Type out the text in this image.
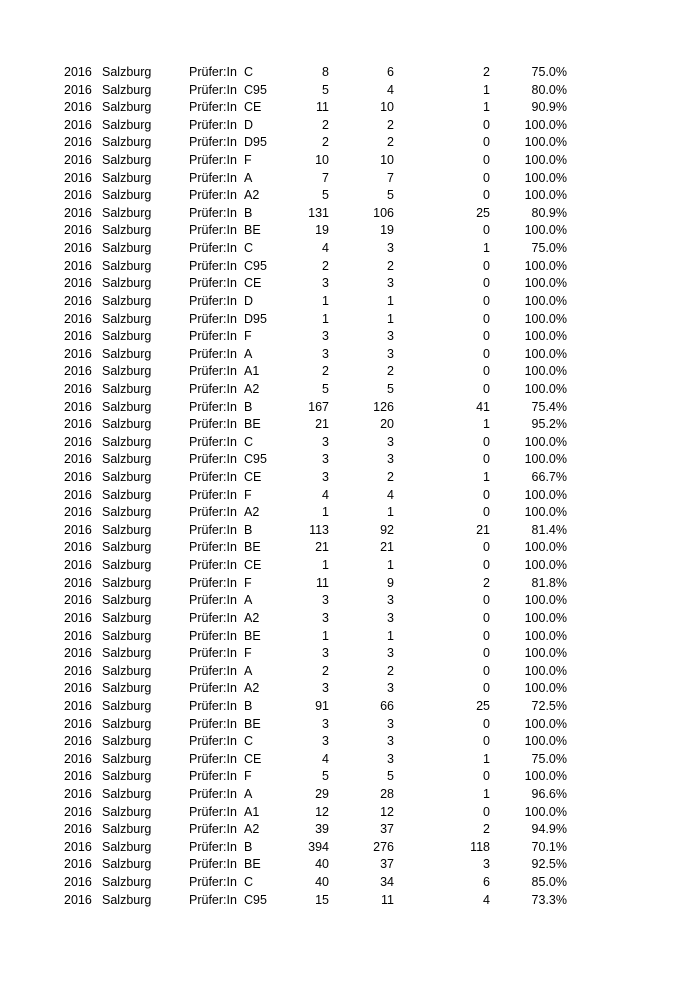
2016 Salzburg	Prüfer:In C	8	6	2	75.0%
2016 Salzburg	Prüfer:In C95	5	4	1	80.0%
2016 Salzburg	Prüfer:In CE	11	10	1	90.9%
2016 Salzburg	Prüfer:In D	2	2	0	100.0%
2016 Salzburg	Prüfer:In D95	2	2	0	100.0%
2016 Salzburg	Prüfer:In F	10	10	0	100.0%
2016 Salzburg	Prüfer:In A	7	7	0	100.0%
2016 Salzburg	Prüfer:In A2	5	5	0	100.0%
2016 Salzburg	Prüfer:In B	131	106	25	80.9%
2016 Salzburg	Prüfer:In BE	19	19	0	100.0%
2016 Salzburg	Prüfer:In C	4	3	1	75.0%
2016 Salzburg	Prüfer:In C95	2	2	0	100.0%
2016 Salzburg	Prüfer:In CE	3	3	0	100.0%
2016 Salzburg	Prüfer:In D	1	1	0	100.0%
2016 Salzburg	Prüfer:In D95	1	1	0	100.0%
2016 Salzburg	Prüfer:In F	3	3	0	100.0%
2016 Salzburg	Prüfer:In A	3	3	0	100.0%
2016 Salzburg	Prüfer:In A1	2	2	0	100.0%
2016 Salzburg	Prüfer:In A2	5	5	0	100.0%
2016 Salzburg	Prüfer:In B	167	126	41	75.4%
2016 Salzburg	Prüfer:In BE	21	20	1	95.2%
2016 Salzburg	Prüfer:In C	3	3	0	100.0%
2016 Salzburg	Prüfer:In C95	3	3	0	100.0%
2016 Salzburg	Prüfer:In CE	3	2	1	66.7%
2016 Salzburg	Prüfer:In F	4	4	0	100.0%
2016 Salzburg	Prüfer:In A2	1	1	0	100.0%
2016 Salzburg	Prüfer:In B	113	92	21	81.4%
2016 Salzburg	Prüfer:In BE	21	21	0	100.0%
2016 Salzburg	Prüfer:In CE	1	1	0	100.0%
2016 Salzburg	Prüfer:In F	11	9	2	81.8%
2016 Salzburg	Prüfer:In A	3	3	0	100.0%
2016 Salzburg	Prüfer:In A2	3	3	0	100.0%
2016 Salzburg	Prüfer:In BE	1	1	0	100.0%
2016 Salzburg	Prüfer:In F	3	3	0	100.0%
2016 Salzburg	Prüfer:In A	2	2	0	100.0%
2016 Salzburg	Prüfer:In A2	3	3	0	100.0%
2016 Salzburg	Prüfer:In B	91	66	25	72.5%
2016 Salzburg	Prüfer:In BE	3	3	0	100.0%
2016 Salzburg	Prüfer:In C	3	3	0	100.0%
2016 Salzburg	Prüfer:In CE	4	3	1	75.0%
2016 Salzburg	Prüfer:In F	5	5	0	100.0%
2016 Salzburg	Prüfer:In A	29	28	1	96.6%
2016 Salzburg	Prüfer:In A1	12	12	0	100.0%
2016 Salzburg	Prüfer:In A2	39	37	2	94.9%
2016 Salzburg	Prüfer:In B	394	276	118	70.1%
2016 Salzburg	Prüfer:In BE	40	37	3	92.5%
2016 Salzburg	Prüfer:In C	40	34	6	85.0%
2016 Salzburg	Prüfer:In C95	15	11	4	73.3%
